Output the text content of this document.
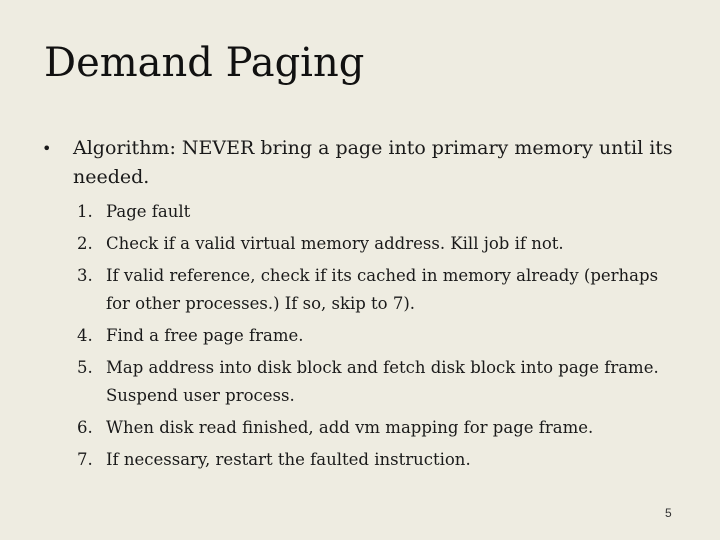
Demand Paging
• Algorithm: NEVER bring a page into primary memory until its needed.
1. Page fault
2. Check if a valid virtual memory address. Kill job if not.
3. If valid reference, check if its cached in memory already (perhaps for other processes.) If so, skip to 7).
4. Find a free page frame.
5. Map address into disk block and fetch disk block into page frame. Suspend user process.
6. When disk read finished, add vm mapping for page frame.
7. If necessary, restart the faulted instruction.
5
